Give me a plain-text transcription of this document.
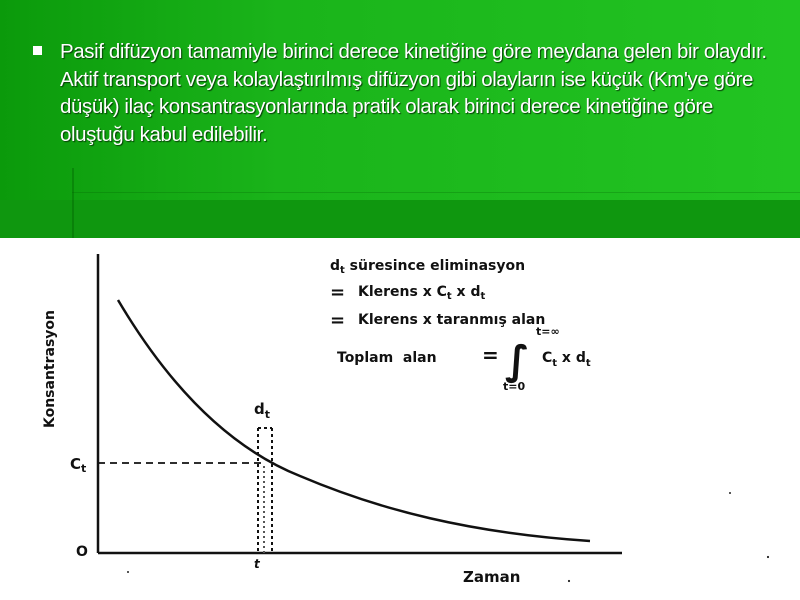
Pasif difüzyon tamamiyle birinci derece kinetiğine göre meydana gelen bir olaydır. Aktif transport veya kolaylaştırılmış difüzyon gibi olayların ise küçük (Km'ye göre düşük) ilaç konsantrasyonlarında pratik olarak birinci derece kinetiğine göre oluştuğu kabul edilebilir.
Konsantrasyon
Zaman
$C_t$
O
t
$d_t$
$d_t$ süresince eliminasyon
= Klerens x $C_t$ x $d_t$
= Klerens x taranmış alan
Toplam  alan = ∫
t=∞
t=0
$C_t$ x $d_t$
